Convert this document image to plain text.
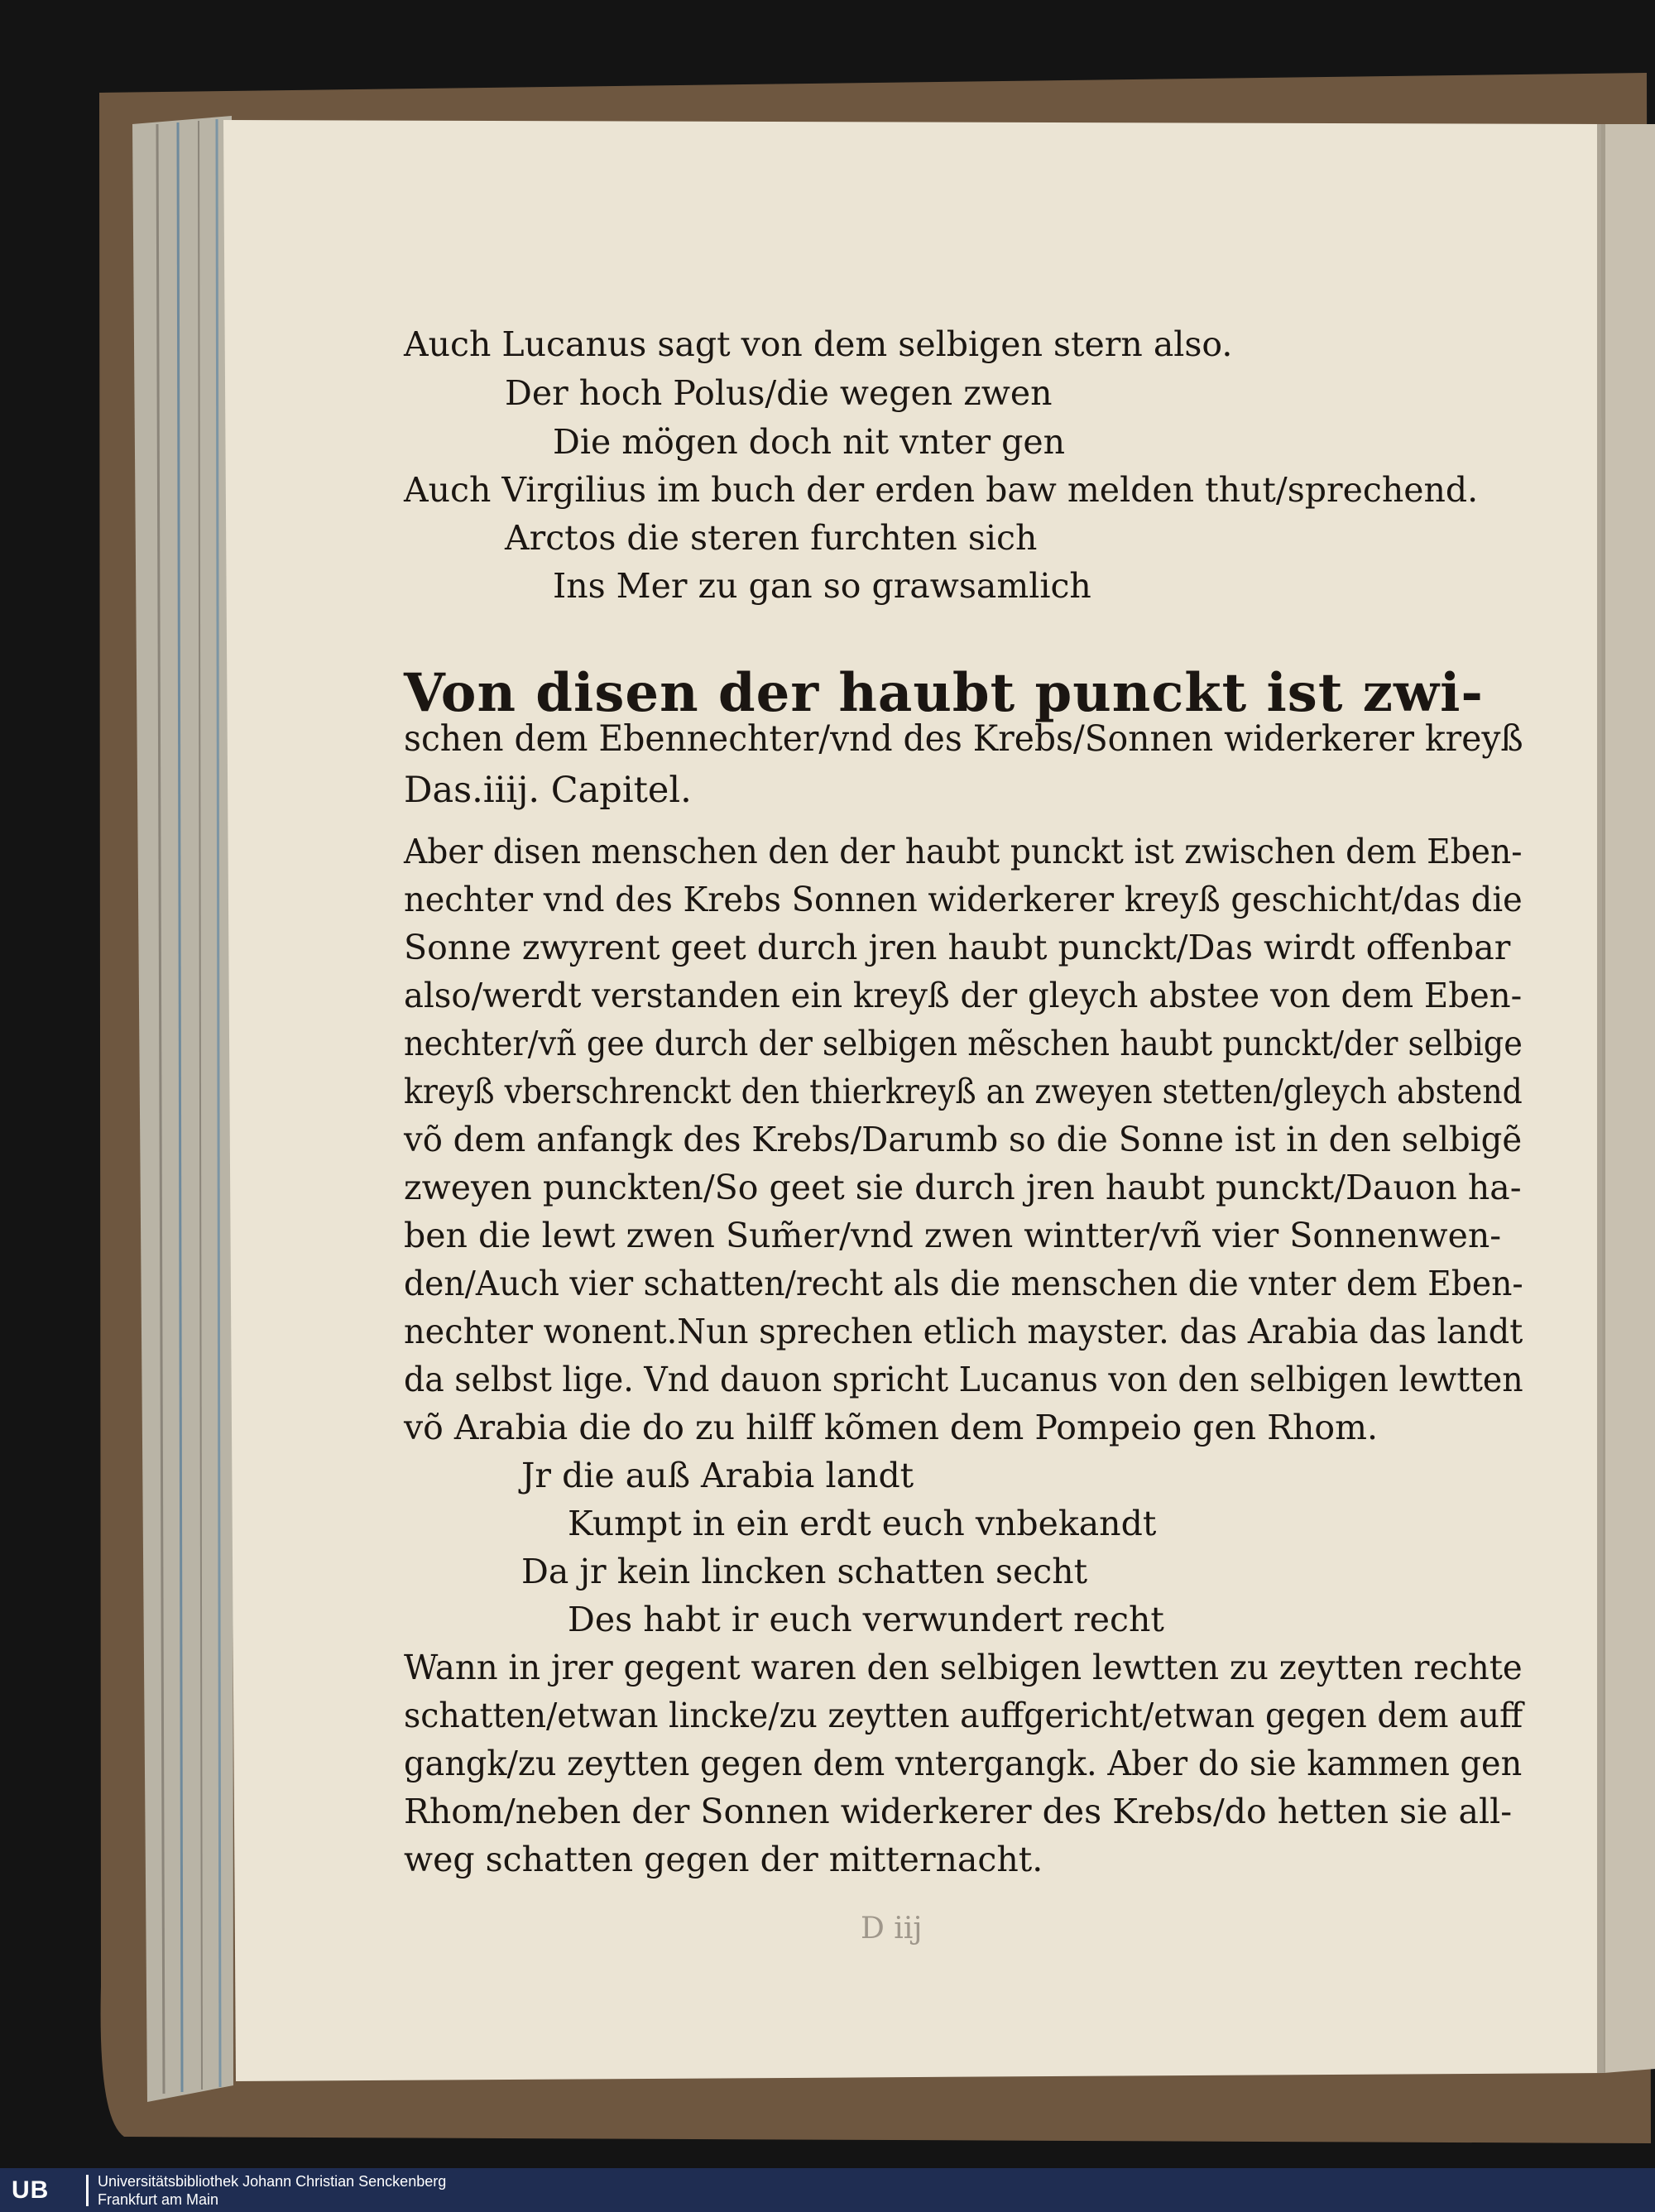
Auch Lucanus sagt von dem selbigen stern also.
Der hoch Polus/die wegen zwen
Die mögen doch nit vnter gen
Auch Virgilius im buch der erden baw melden thut/sprechend.
Arctos die steren furchten sich
Ins Mer zu gan so grawsamlich
Von disen der haubt punckt ist zwi-
schen dem Ebennechter/vnd des Krebs/Sonnen widerkerer kreyß
Das.iiij. Capitel.
Aber disen menschen den der haubt punckt ist zwischen dem Eben-
nechter vnd des Krebs Sonnen widerkerer kreyß geschicht/das die
Sonne zwyrent geet durch jren haubt punckt/Das wirdt offenbar
also/werdt verstanden ein kreyß der gleych abstee von dem Eben-
nechter/vñ gee durch der selbigen mẽschen haubt punckt/der selbige
kreyß vberschrenckt den thierkreyß an zweyen stetten/gleych abstend
võ dem anfangk des Krebs/Darumb so die Sonne ist in den selbigẽ
zweyen punckten/So geet sie durch jren haubt punckt/Dauon ha-
ben die lewt zwen Sum̃er/vnd zwen wintter/vñ vier Sonnenwen-
den/Auch vier schatten/recht als die menschen die vnter dem Eben-
nechter wonent.Nun sprechen etlich mayster. das Arabia das landt
da selbst lige. Vnd dauon spricht Lucanus von den selbigen lewtten
võ Arabia die do zu hilff kõmen dem Pompeio gen Rhom.
Jr die auß Arabia landt
Kumpt in ein erdt euch vnbekandt
Da jr kein lincken schatten secht
Des habt ir euch verwundert recht
Wann in jrer gegent waren den selbigen lewtten zu zeytten rechte
schatten/etwan lincke/zu zeytten auffgericht/etwan gegen dem auff
gangk/zu zeytten gegen dem vntergangk. Aber do sie kammen gen
Rhom/neben der Sonnen widerkerer des Krebs/do hetten sie all-
weg schatten gegen der mitternacht.
D iij
UB	Universitätsbibliothek Johann Christian Senckenberg
Frankfurt am Main
